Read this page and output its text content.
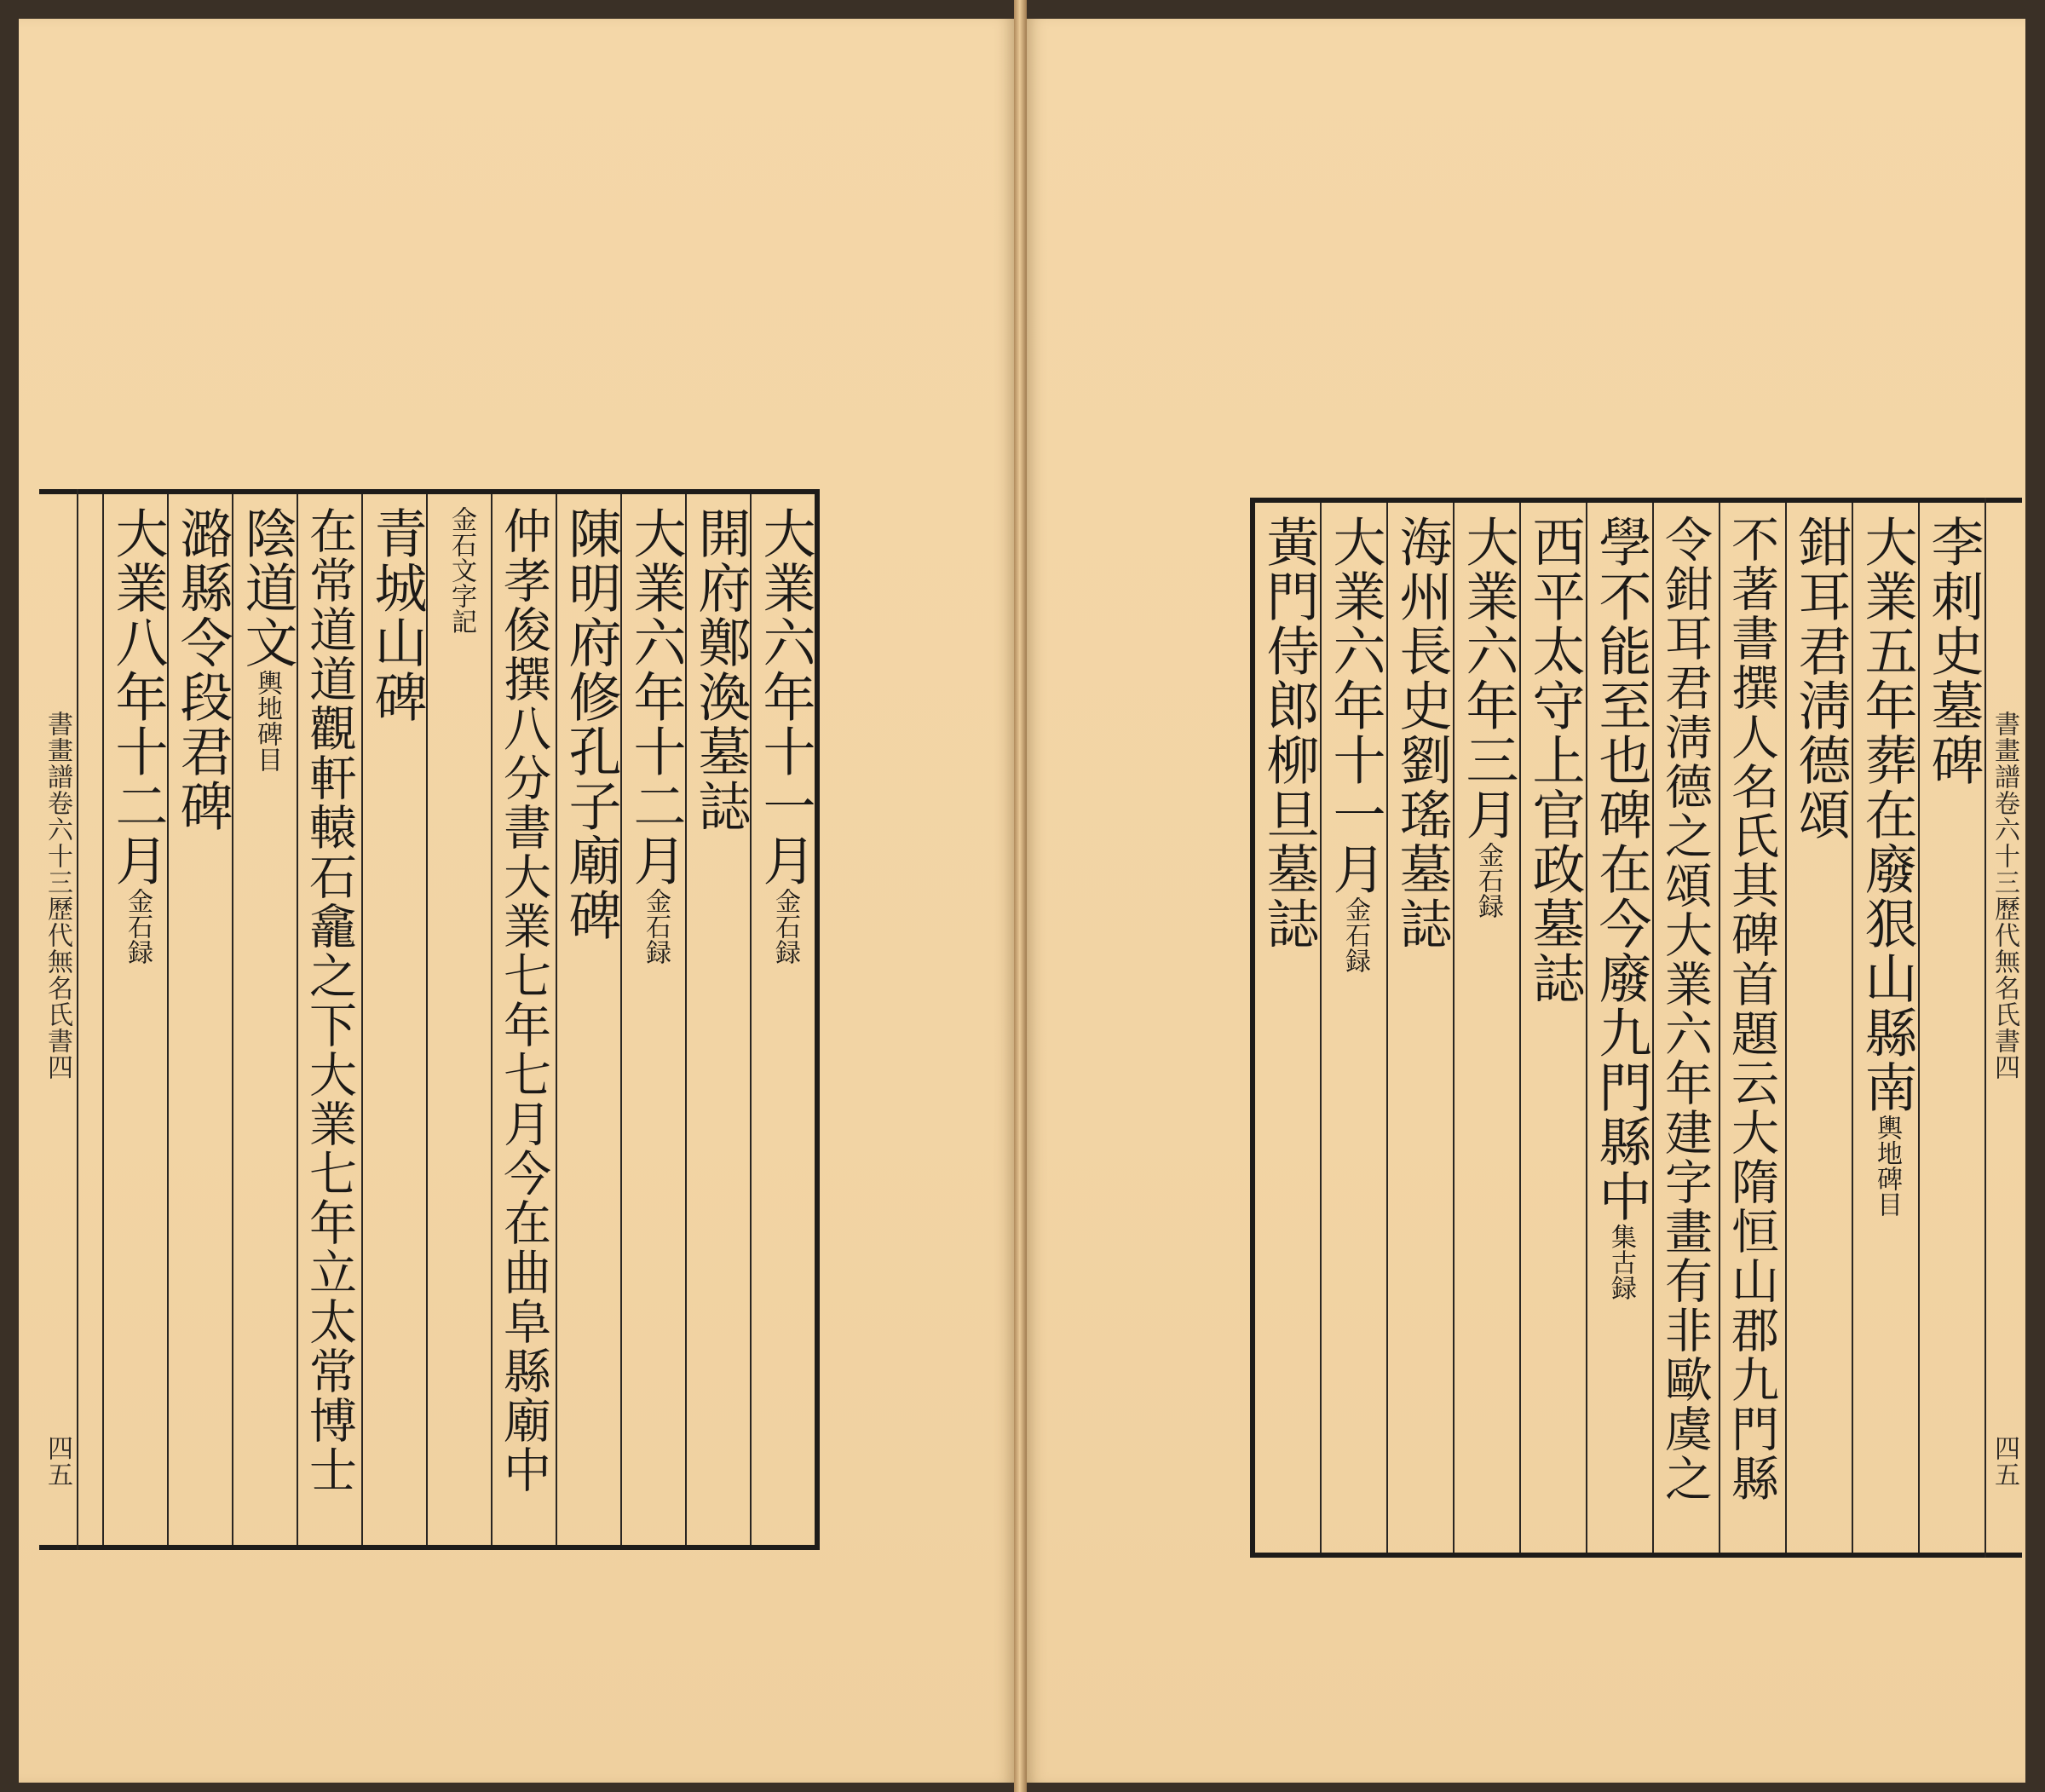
大業六年十一月金石録
開府鄭渙墓誌
大業六年十二月金石録
陳明府修孔子廟碑
仲孝俊撰八分書大業七年七月今在曲阜縣廟中
金石文字記
青城山碑
在常道道觀軒轅石龕之下大業七年立太常博士
陰道文輿地碑目
潞縣令段君碑
大業八年十二月金石録
書畫譜卷六十三歷代無名氏書四
四五
書畫譜卷六十三歷代無名氏書四
四五
李刺史墓碑
大業五年葬在廢狠山縣南輿地碑目
鉗耳君淸德頌
不著書撰人名氏其碑首題云大隋恒山郡九門縣
令鉗耳君淸德之頌大業六年建字畫有非歐虞之
學不能至也碑在今廢九門縣中集古録
西平太守上官政墓誌
大業六年三月金石録
海州長史劉瑤墓誌
大業六年十一月金石録
黃門侍郎柳旦墓誌
